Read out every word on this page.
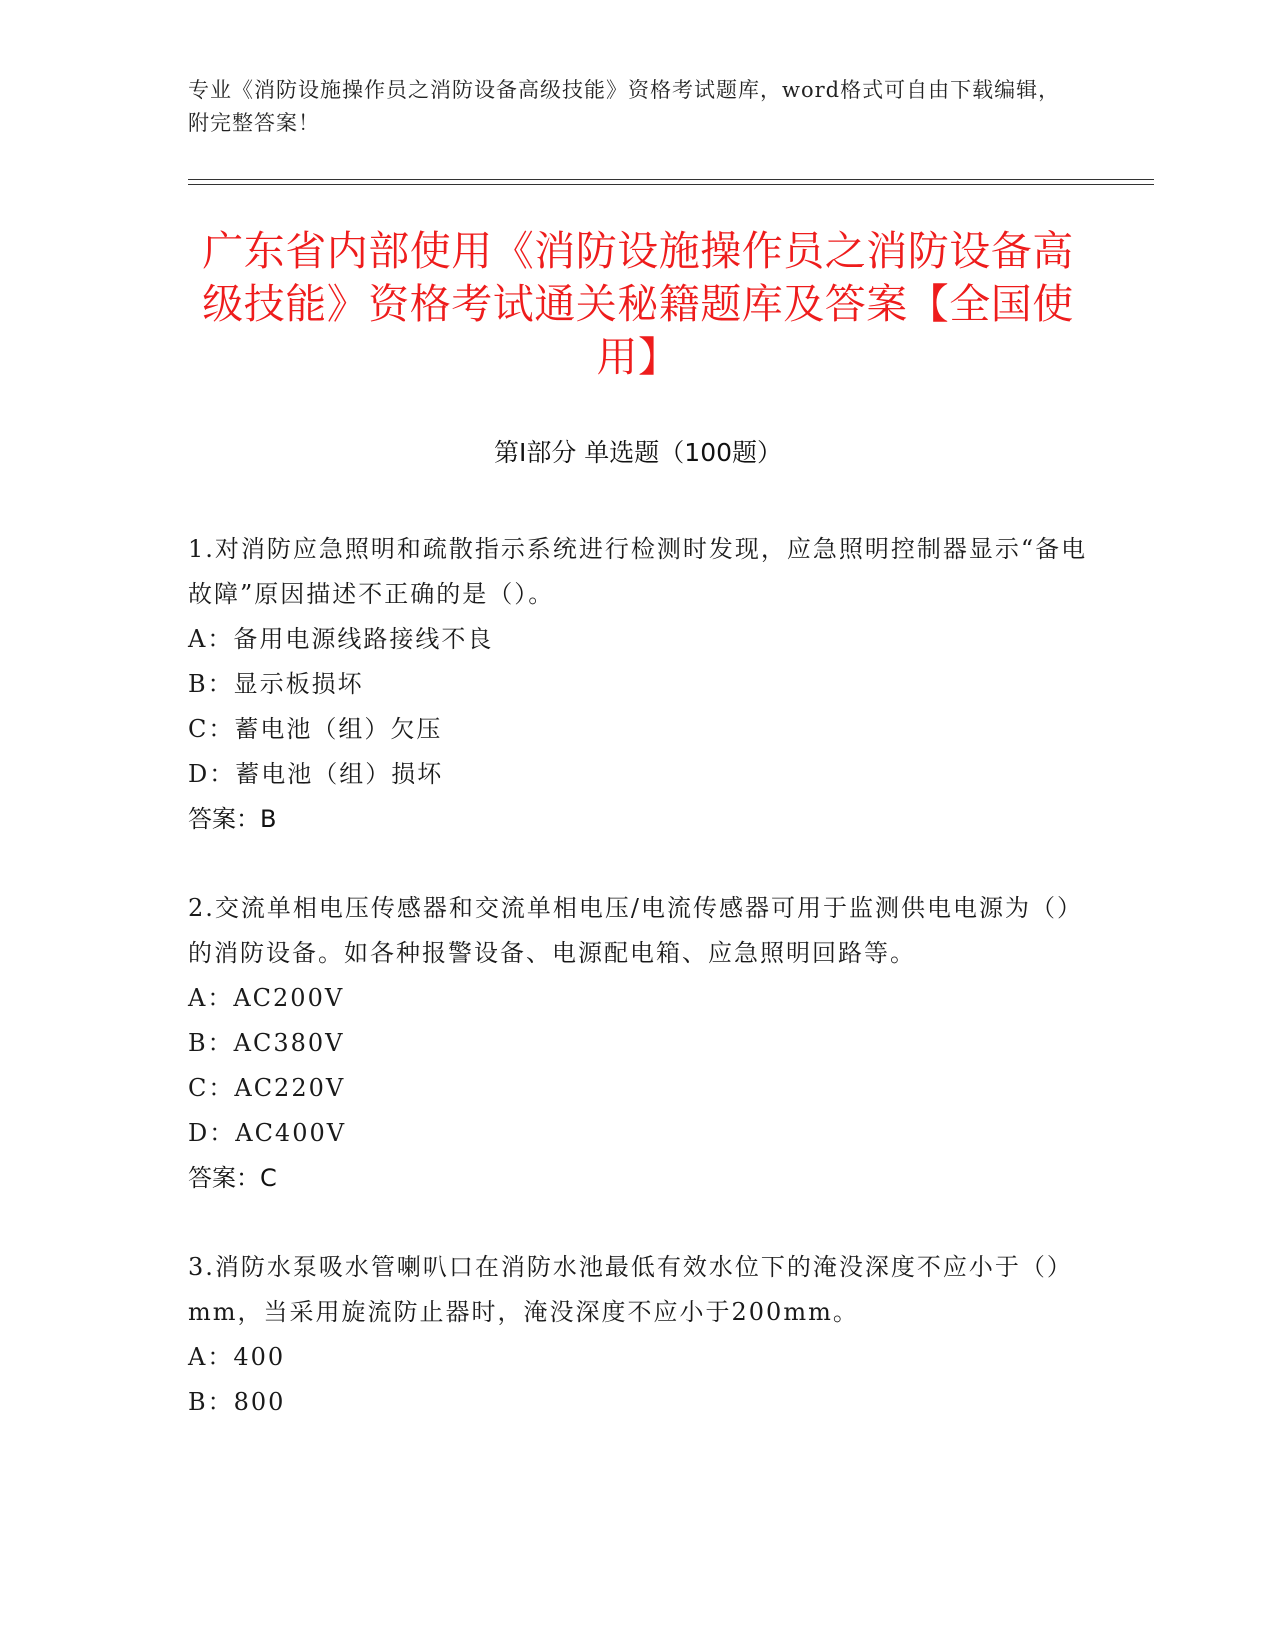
专业《消防设施操作员之消防设备高级技能》资格考试题库，word格式可自由下载编辑，附完整答案！
广东省内部使用《消防设施操作员之消防设备高级技能》资格考试通关秘籍题库及答案【全国使用】
第Ⅰ部分 单选题（100题）
1.对消防应急照明和疏散指示系统进行检测时发现，应急照明控制器显示“备电故障”原因描述不正确的是（）。
A：备用电源线路接线不良
B：显示板损坏
C：蓄电池（组）欠压
D：蓄电池（组）损坏
答案：B
2.交流单相电压传感器和交流单相电压/电流传感器可用于监测供电电源为（）的消防设备。如各种报警设备、电源配电箱、应急照明回路等。
A：AC200V
B：AC380V
C：AC220V
D：AC400V
答案：C
3.消防水泵吸水管喇叭口在消防水池最低有效水位下的淹没深度不应小于（）mm，当采用旋流防止器时，淹没深度不应小于200mm。
A：400
B：800
